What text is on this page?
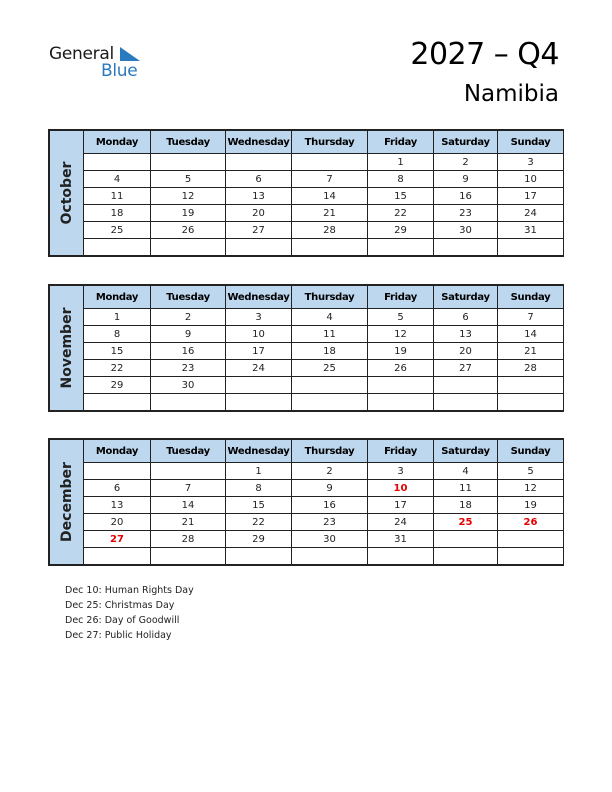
General
Blue	2027 – Q4
Namibia
October	Monday	Tuesday	Wednesday	Thursday	Friday	Saturday	Sunday
					1	2	3
	4	5	6	7	8	9	10
	11	12	13	14	15	16	17
	18	19	20	21	22	23	24
	25	26	27	28	29	30	31

November	Monday	Tuesday	Wednesday	Thursday	Friday	Saturday	Sunday
	1	2	3	4	5	6	7
	8	9	10	11	12	13	14
	15	16	17	18	19	20	21
	22	23	24	25	26	27	28
	29	30					

December	Monday	Tuesday	Wednesday	Thursday	Friday	Saturday	Sunday
			1	2	3	4	5
	6	7	8	9	10	11	12
	13	14	15	16	17	18	19
	20	21	22	23	24	25	26
	27	28	29	30	31		

Dec 10: Human Rights Day
Dec 25: Christmas Day
Dec 26: Day of Goodwill
Dec 27: Public Holiday
